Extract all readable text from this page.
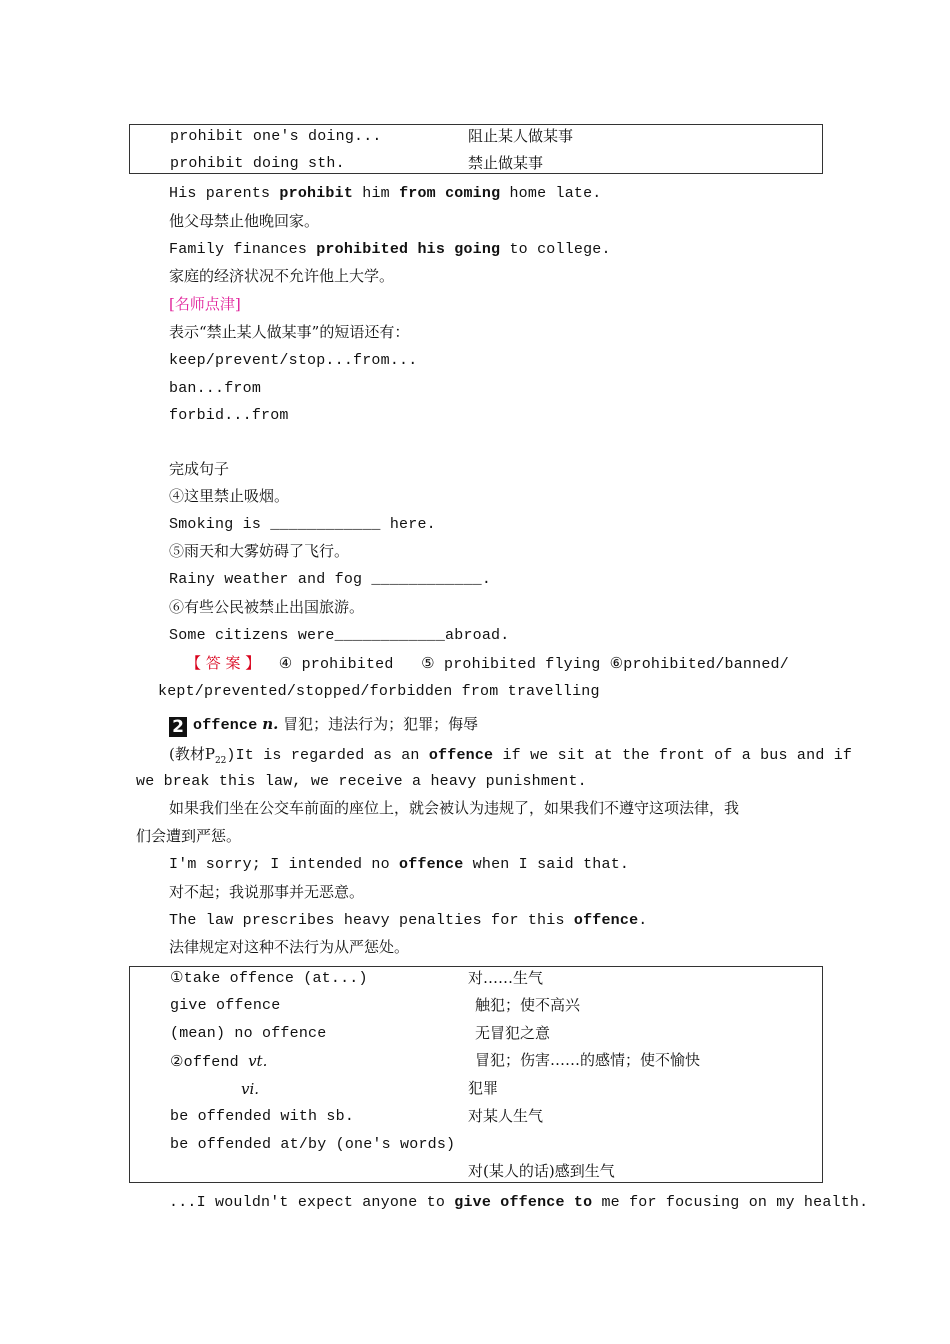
prohibit one's doing...	阻止某人做某事
prohibit doing sth.	禁止做某事
His parents prohibit him from coming home late.
他父母禁止他晚回家。
Family finances prohibited his going to college.
家庭的经济状况不允许他上大学。
[名师点津]
表示“禁止某人做某事”的短语还有：
keep/prevent/stop...from...
ban...from
forbid...from
完成句子
④这里禁止吸烟。
Smoking is ____________ here.
⑤雨天和大雾妨碍了飞行。
Rainy weather and fog ____________.
⑥有些公民被禁止出国旅游。
Some citizens were____________abroad.
【 答 案 】  ④ prohibited   ⑤ prohibited flying ⑥prohibited/banned/
kept/prevented/stopped/forbidden from travelling
2 offence n. 冒犯；违法行为；犯罪；侮辱
(教材$P_{22})It$ is regarded as an offence if we sit at the front of a bus and if
we break this law, we receive a heavy punishment.
如果我们坐在公交车前面的座位上，就会被认为违规了，如果我们不遵守这项法律，我
们会遭到严惩。
I'm sorry; I intended no offence when I said that.
对不起；我说那事并无恶意。
The law prescribes heavy penalties for this offence.
法律规定对这种不法行为从严惩处。
①take offence (at...)	对……生气
give offence	触犯；使不高兴
(mean) no offence	无冒犯之意
②offend vt.	冒犯；伤害……的感情；使不愉快
vi.	犯罪
be offended with sb.	对某人生气
be offended at/by (one's words)
对(某人的话)感到生气
...I wouldn't expect anyone to give offence to me for focusing on my health.
